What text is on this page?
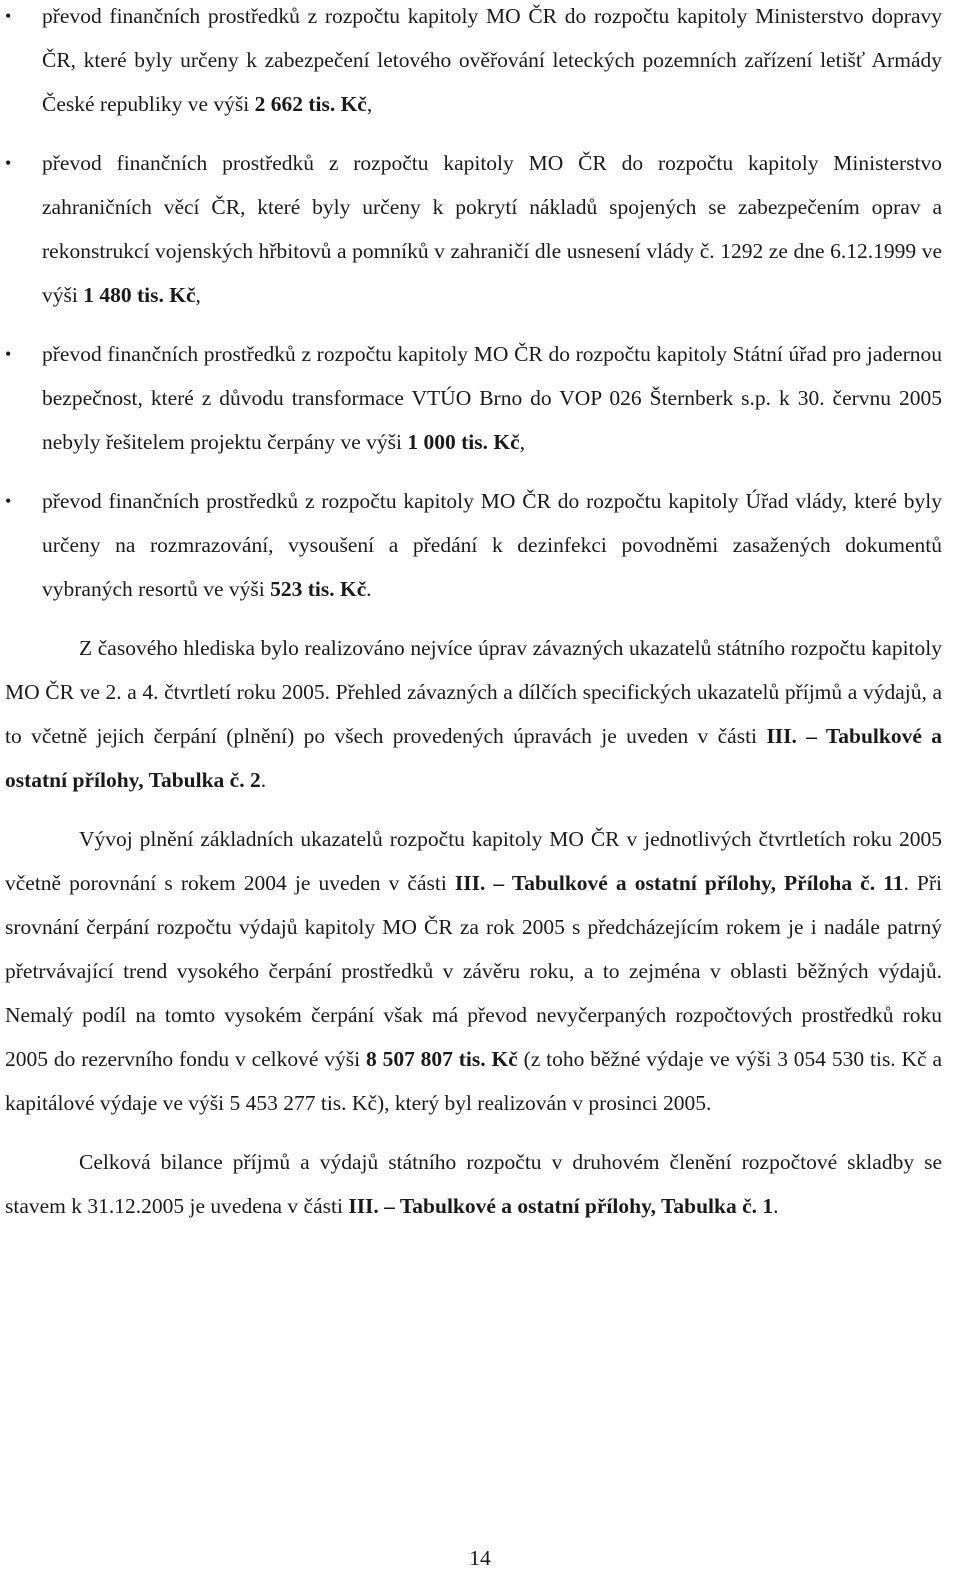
•	převod finančních prostředků z rozpočtu kapitoly MO ČR do rozpočtu kapitoly Ministerstvo dopravy ČR, které byly určeny k zabezpečení letového ověřování leteckých pozemních zařízení letišť Armády České republiky ve výši 2 662 tis. Kč,
•	převod finančních prostředků z rozpočtu kapitoly MO ČR do rozpočtu kapitoly Ministerstvo zahraničních věcí ČR, které byly určeny k pokrytí nákladů spojených se zabezpečením oprav a rekonstrukcí vojenských hřbitovů a pomníků v zahraničí dle usnesení vlády č. 1292 ze dne 6.12.1999 ve výši 1 480 tis. Kč,
•	převod finančních prostředků z rozpočtu kapitoly MO ČR do rozpočtu kapitoly Státní úřad pro jadernou bezpečnost, které z důvodu transformace VTÚO Brno do VOP 026 Šternberk s.p. k 30. červnu 2005 nebyly řešitelem projektu čerpány ve výši 1 000 tis. Kč,
•	převod finančních prostředků z rozpočtu kapitoly MO ČR do rozpočtu kapitoly Úřad vlády, které byly určeny na rozmrazování, vysoušení a předání k dezinfekci povodněmi zasažených dokumentů vybraných resortů ve výši 523 tis. Kč.

Z časového hlediska bylo realizováno nejvíce úprav závazných ukazatelů státního rozpočtu kapitoly MO ČR ve 2. a 4. čtvrtletí roku 2005. Přehled závazných a dílčích specifických ukazatelů příjmů a výdajů, a to včetně jejich čerpání (plnění) po všech provedených úpravách je uveden v části III. – Tabulkové a ostatní přílohy, Tabulka č. 2.

Vývoj plnění základních ukazatelů rozpočtu kapitoly MO ČR v jednotlivých čtvrtletích roku 2005 včetně porovnání s rokem 2004 je uveden v části III. – Tabulkové a ostatní přílohy, Příloha č. 11. Při srovnání čerpání rozpočtu výdajů kapitoly MO ČR za rok 2005 s předcházejícím rokem je i nadále patrný přetrvávající trend vysokého čerpání prostředků v závěru roku, a to zejména v oblasti běžných výdajů. Nemalý podíl na tomto vysokém čerpání však má převod nevyčerpaných rozpočtových prostředků roku 2005 do rezervního fondu v celkové výši 8 507 807 tis. Kč (z toho běžné výdaje ve výši 3 054 530 tis. Kč a kapitálové výdaje ve výši 5 453 277 tis. Kč), který byl realizován v prosinci 2005.

Celková bilance příjmů a výdajů státního rozpočtu v druhovém členění rozpočtové skladby se stavem k 31.12.2005 je uvedena v části III. – Tabulkové a ostatní přílohy, Tabulka č. 1.

14
